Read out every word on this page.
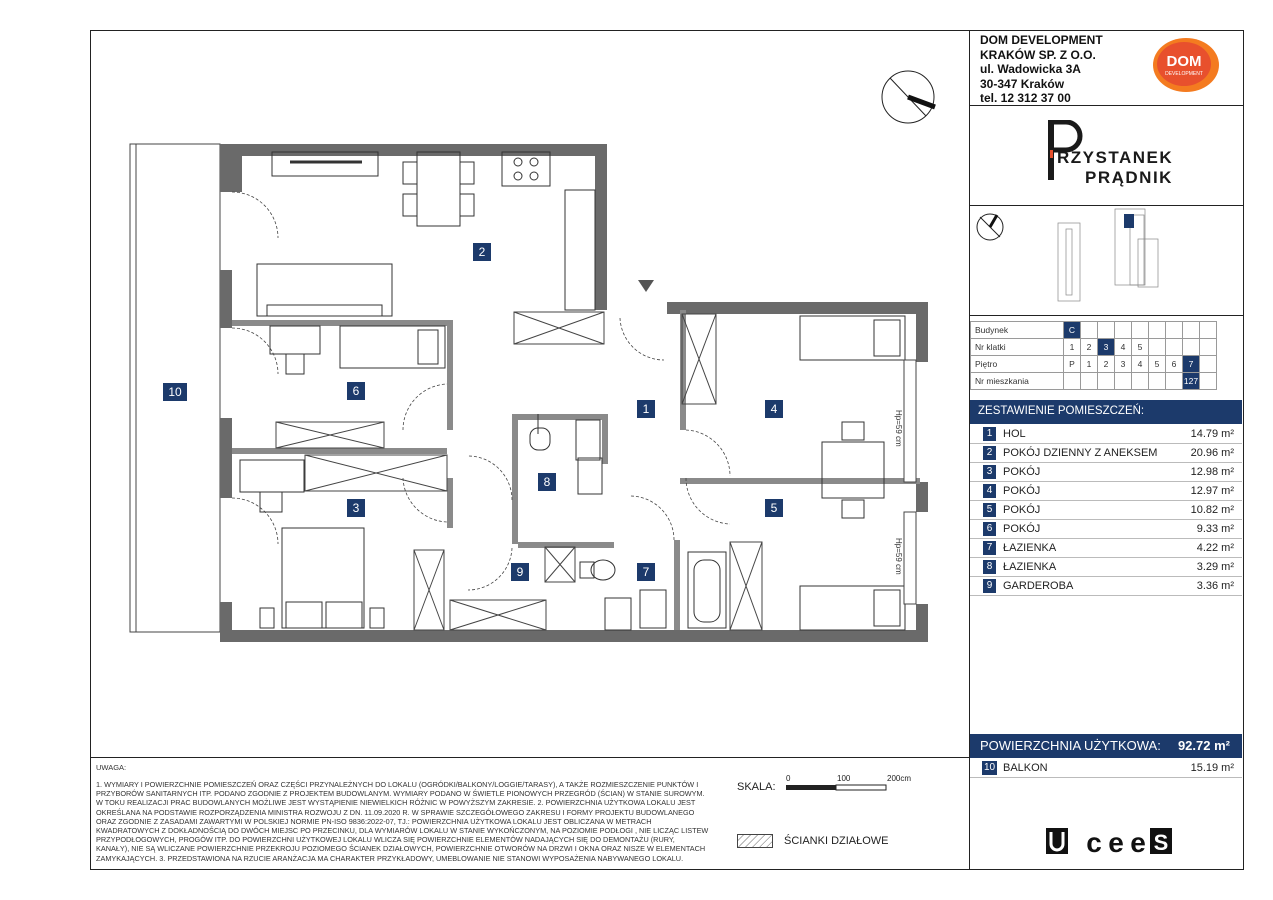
Hp=59 cm
Hp=59 cm
2
1	4
6
3
8
5
9	7
10
DOM DEVELOPMENT
KRAKÓW SP. Z O.O.
ul. Wadowicka 3A
30-347 Kraków
tel. 12 312 37 00
DOM
DEVELOPMENT
RZYSTANEK
PRĄDNIK
Budynek	C								
Nr klatki	1	2	3	4	5				
Piętro	P	1	2	3	4	5	6	7	
Nr mieszkania								127	
ZESTAWIENIE POMIESZCZEŃ:
1 HOL	14.79 m²
2 POKÓJ DZIENNY Z ANEKSEM	20.96 m²
3 POKÓJ	12.98 m²
4 POKÓJ	12.97 m²
5 POKÓJ	10.82 m²
6 POKÓJ	9.33 m²
7 ŁAZIENKA	4.22 m²
8 ŁAZIENKA	3.29 m²
9 GARDEROBA	3.36 m²
POWIERZCHNIA UŻYTKOWA: 92.72 m²
10 BALKON	15.19 m²
c e e S
UWAGA:
1. WYMIARY I POWIERZCHNIE POMIESZCZEŃ ORAZ CZĘŚCI PRZYNALEŻNYCH DO LOKALU (OGRÓDKI/BALKONY/LOGGIE/TARASY), A TAKŻE ROZMIESZCZENIE PUNKTÓW I PRZYBORÓW SANITARNYCH ITP. PODANO ZGODNIE Z PROJEKTEM BUDOWLANYM. WYMIARY PODANO W ŚWIETLE PIONOWYCH PRZEGRÓD (ŚCIAN) W STANIE SUROWYM. W TOKU REALIZACJI PRAC BUDOWLANYCH MOŻLIWE JEST WYSTĄPIENIE NIEWIELKICH RÓŻNIC W POWYŻSZYM ZAKRESIE. 2. POWIERZCHNIA UŻYTKOWA LOKALU JEST OKREŚLANA NA PODSTAWIE ROZPORZĄDZENIA MINISTRA ROZWOJU Z DN. 11.09.2020 R. W SPRAWIE SZCZEGÓŁOWEGO ZAKRESU I FORMY PROJEKTU BUDOWLANEGO ORAZ ZGODNIE Z ZASADAMI ZAWARTYMI W POLSKIEJ NORMIE PN-ISO 9836:2022-07, TJ.: POWIERZCHNIA UŻYTKOWA LOKALU JEST OBLICZANA W METRACH KWADRATOWYCH Z DOKŁADNOŚCIĄ DO DWÓCH MIEJSC PO PRZECINKU, DLA WYMIARÓW LOKALU W STANIE WYKOŃCZONYM, NA POZIOMIE PODŁOGI , NIE LICZĄC LISTEW PRZYPODŁOGOWYCH, PROGÓW ITP. DO POWIERZCHNI UŻYTKOWEJ LOKALU WLICZA SIĘ POWIERZCHNIE ELEMENTÓW NADAJĄCYCH SIĘ DO DEMONTAŻU (RURY, KANAŁY), NIE SĄ WLICZANE POWIERZCHNIE PRZEKROJU POZIOMEGO ŚCIANEK DZIAŁOWYCH, POWIERZCHNIE OTWORÓW NA DRZWI I OKNA ORAZ NISZE W ELEMENTACH ZAMYKAJĄCYCH. 3. PRZEDSTAWIONA NA RZUCIE ARANŻACJA MA CHARAKTER PRZYKŁADOWY, UMEBLOWANIE NIE STANOWI WYPOSAŻENIA NABYWANEGO LOKALU.
SKALA:
0	100	200cm
ŚCIANKI DZIAŁOWE
